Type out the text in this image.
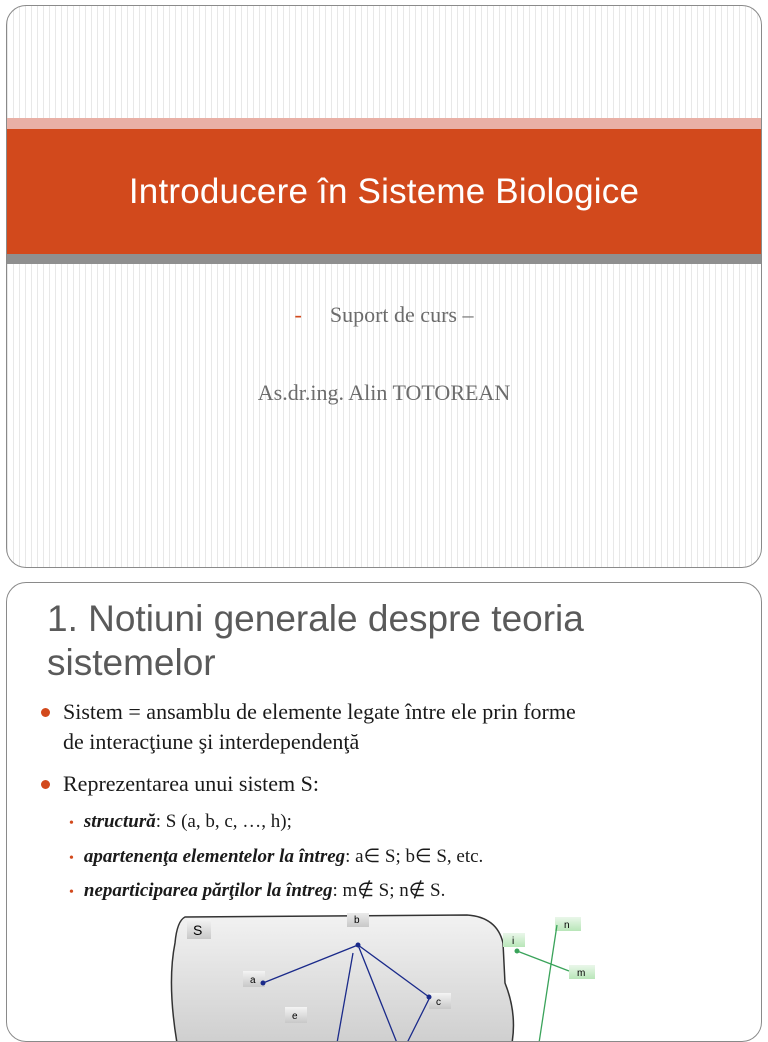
Introducere în Sisteme Biologice
- Suport de curs –
As.dr.ing. Alin TOTOREAN
1. Notiuni generale despre teoria sistemelor
Sistem = ansamblu de elemente legate între ele prin forme
de interacţiune şi interdependenţă
Reprezentarea unui sistem S:
• structură: S (a, b, c, …, h);
• apartenenţa elementelor la întreg: a∈ S; b∈ S, etc.
• neparticiparea părţilor la întreg: m∉ S; n∉ S.
S
b
a
c
e
i
n
m
